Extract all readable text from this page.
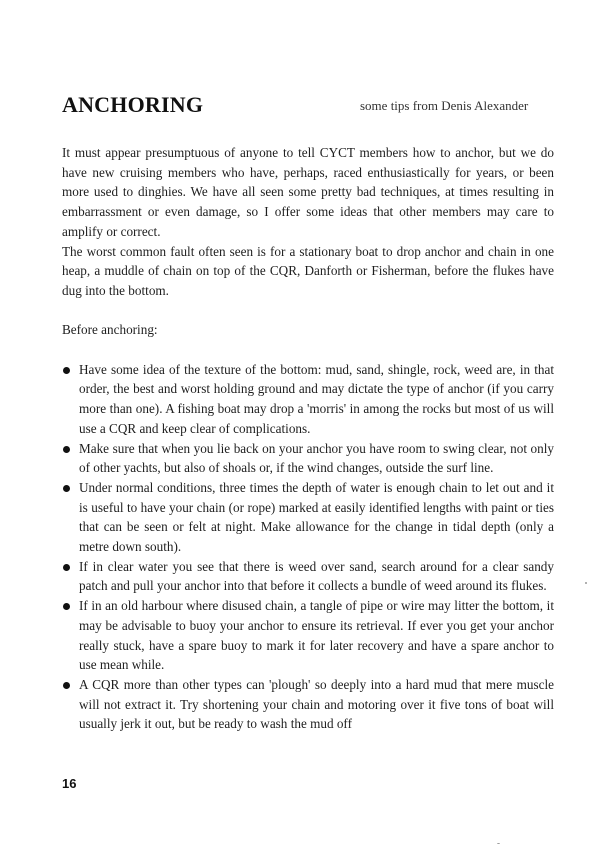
ANCHORING	some tips from Denis Alexander

It must appear presumptuous of anyone to tell CYCT members how to anchor, but we do have new cruising members who have, perhaps, raced enthusiastically for years, or been more used to dinghies. We have all seen some pretty bad techniques, at times resulting in embarrassment or even damage, so I offer some ideas that other members may care to amplify or correct.

The worst common fault often seen is for a stationary boat to drop anchor and chain in one heap, a muddle of chain on top of the CQR, Danforth or Fisherman, before the flukes have dug into the bottom.

Before anchoring:

Have some idea of the texture of the bottom: mud, sand, shingle, rock, weed are, in that order, the best and worst holding ground and may dictate the type of anchor (if you carry more than one). A fishing boat may drop a 'morris' in among the rocks but most of us will use a CQR and keep clear of complications.
Make sure that when you lie back on your anchor you have room to swing clear, not only of other yachts, but also of shoals or, if the wind changes, outside the surf line.
Under normal conditions, three times the depth of water is enough chain to let out and it is useful to have your chain (or rope) marked at easily identified lengths with paint or ties that can be seen or felt at night. Make allowance for the change in tidal depth (only a metre down south).
If in clear water you see that there is weed over sand, search around for a clear sandy patch and pull your anchor into that before it collects a bundle of weed around its flukes.
If in an old harbour where disused chain, a tangle of pipe or wire may litter the bottom, it may be advisable to buoy your anchor to ensure its retrieval. If ever you get your anchor really stuck, have a spare buoy to mark it for later recovery and have a spare anchor to use mean while.
A CQR more than other types can 'plough' so deeply into a hard mud that mere muscle will not extract it. Try shortening your chain and motoring over it five tons of boat will usually jerk it out, but be ready to wash the mud off
16
